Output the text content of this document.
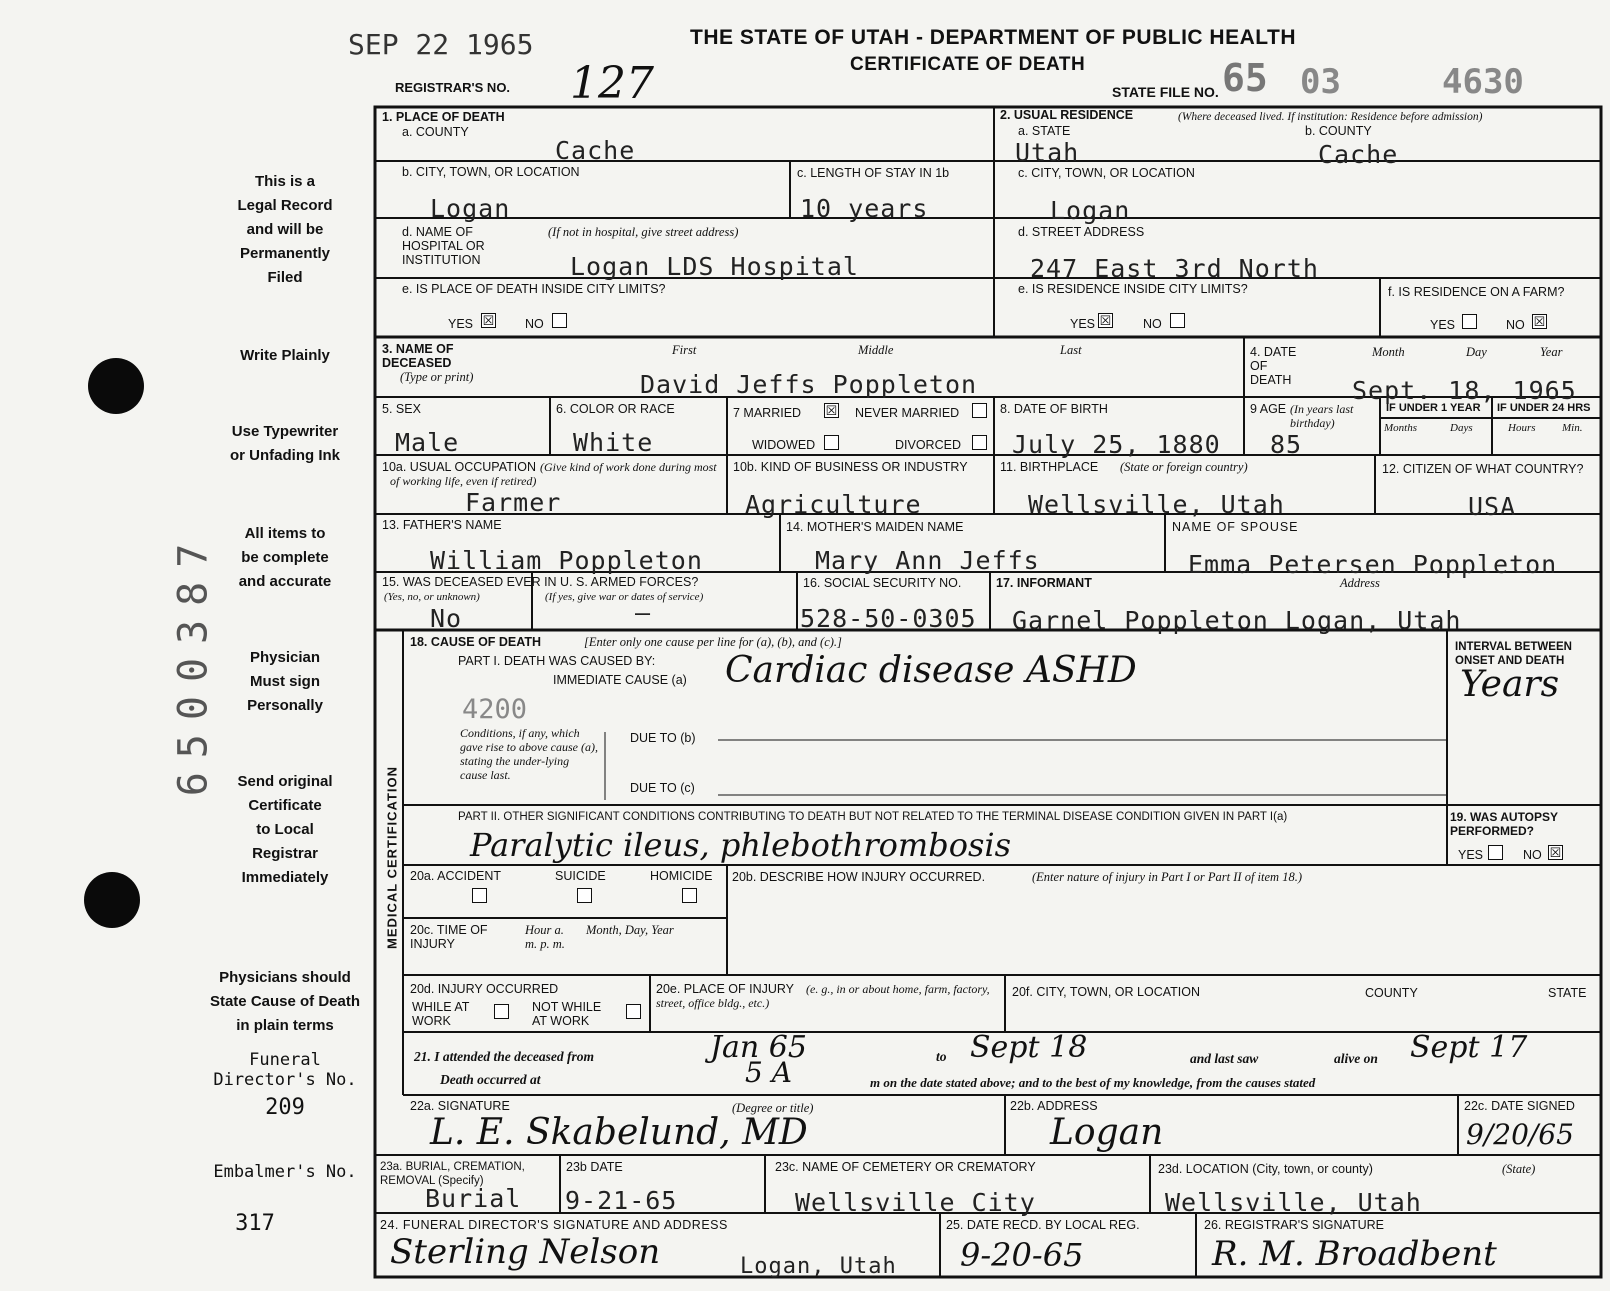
SEP 22 1965	THE STATE OF UTAH - DEPARTMENT OF PUBLIC HEALTH
CERTIFICATE OF DEATH
REGISTRAR'S NO. 127	STATE FILE NO. 65 03	4630
This is a
Legal Record
and will be
Permanently
Filed
Write Plainly
Use Typewriter
or Unfading Ink
All items to
be complete
and accurate
Physician
Must sign
Personally
Send original
Certificate
to Local
Registrar
Immediately
Physicians should
State Cause of Death
in plain terms
Funeral
Director's No.
209
Embalmer's No.
317
6500387
1. PLACE OF DEATH
a. COUNTY
Cache
b. CITY, TOWN, OR LOCATION
Logan
c. LENGTH OF STAY IN 1b
10 years
d. NAME OF HOSPITAL OR INSTITUTION
(If not in hospital, give street address)
Logan LDS Hospital
e. IS PLACE OF DEATH INSIDE CITY LIMITS?
YES ☒ NO
2. USUAL RESIDENCE	(Where deceased lived. If institution: Residence before admission)
a. STATE	b. COUNTY
Utah	Cache
c. CITY, TOWN, OR LOCATION
Logan
d. STREET ADDRESS
247 East 3rd North
e. IS RESIDENCE INSIDE CITY LIMITS?
YES ☒	NO
f. IS RESIDENCE ON A FARM?
YES	NO ☒
3. NAME OF DECEASED
(Type or print)
First	Middle	Last
David Jeffs Poppleton
4. DATE OF DEATH
Month	Day	Year
Sept. 18, 1965
5. SEX
Male
6. COLOR OR RACE
White
7 MARRIED ☒ NEVER MARRIED
WIDOWED	DIVORCED
8. DATE OF BIRTH
July 25, 1880
9 AGE (In years last birthday)
85
IF UNDER 1 YEAR IF UNDER 24 HRS
Months	Days	Hours Min.
10a. USUAL OCCUPATION (Give kind of work done during most of working life, even if retired)
Farmer
10b. KIND OF BUSINESS OR INDUSTRY
Agriculture
11. BIRTHPLACE (State or foreign country)
Wellsville, Utah
12. CITIZEN OF WHAT COUNTRY?
USA
13. FATHER'S NAME
William Poppleton
14. MOTHER'S MAIDEN NAME
Mary Ann Jeffs
NAME OF SPOUSE
Emma Petersen Poppleton
15. WAS DECEASED EVER IN U. S. ARMED FORCES?
(Yes, no, or unknown)	(If yes, give war or dates of service)
No	—
16. SOCIAL SECURITY NO.
528-50-0305
17. INFORMANT	Address
Garnel Poppleton Logan, Utah
MEDICAL CERTIFICATION
18. CAUSE OF DEATH	[Enter only one cause per line for (a), (b), and (c).]
PART I. DEATH WAS CAUSED BY:
IMMEDIATE CAUSE (a) Cardiac disease ASHD
INTERVAL BETWEEN ONSET AND DEATH
Years
4200
Conditions, if any, which gave rise to above cause (a), stating the under-lying cause last.
DUE TO (b)
DUE TO (c)
PART II. OTHER SIGNIFICANT CONDITIONS CONTRIBUTING TO DEATH BUT NOT RELATED TO THE TERMINAL DISEASE CONDITION GIVEN IN PART I(a)
Paralytic ileus, phlebothrombosis
19. WAS AUTOPSY PERFORMED?
YES	NO ☒
20a. ACCIDENT	SUICIDE	HOMICIDE 20b. DESCRIBE HOW INJURY OCCURRED.	(Enter nature of injury in Part I or Part II of item 18.)
20c. TIME OF INJURY
Hour a. m. p. m.
Month, Day, Year
20d. INJURY OCCURRED
WHILE AT WORK
NOT WHILE AT WORK
20e. PLACE OF INJURY (e. g., in or about home, farm, factory, street, office bldg., etc.)
20f. CITY, TOWN, OR LOCATION	COUNTY	STATE
21. I attended the deceased from	Jan 65	to Sept 18	and last saw	alive on Sept 17
Death occurred at	5 A	m on the date stated above; and to the best of my knowledge, from the causes stated
22a. SIGNATURE	(Degree or title)
L. E. Skabelund, MD
22b. ADDRESS
Logan
22c. DATE SIGNED
9/20/65
23a. BURIAL, CREMATION, REMOVAL (Specify)
Burial
23b DATE
9-21-65
23c. NAME OF CEMETERY OR CREMATORY
Wellsville City
23d. LOCATION (City, town, or county)	(State)
Wellsville, Utah
24. FUNERAL DIRECTOR'S SIGNATURE AND ADDRESS
Sterling Nelson	Logan, Utah
25. DATE RECD. BY LOCAL REG.
9-20-65
26. REGISTRAR'S SIGNATURE
R. M. Broadbent
